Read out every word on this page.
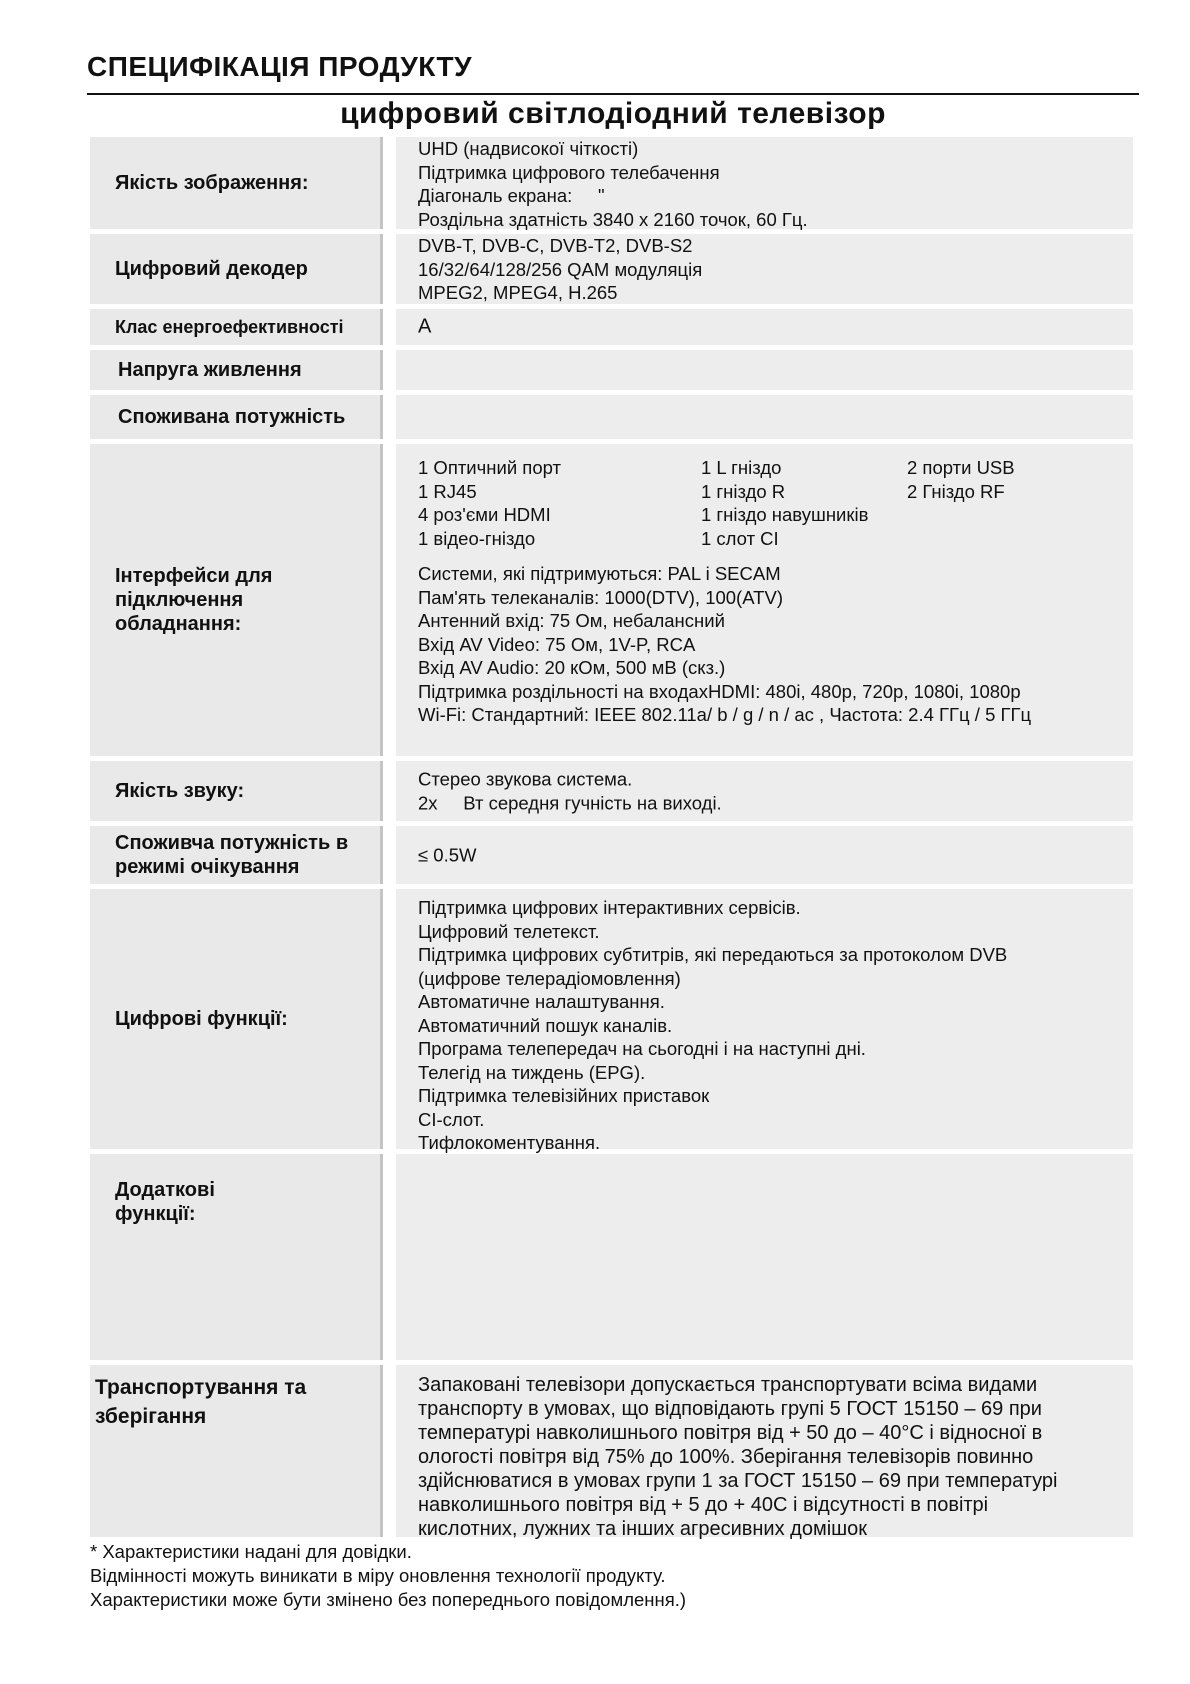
СПЕЦИФІКАЦІЯ ПРОДУКТУ
цифровий світлодіодний телевізор
Якість зображення:
UHD (надвисокої чіткості)
Підтримка цифрового телебачення
Діагональ екрана:     "
Роздільна здатність 3840 x 2160 точок, 60 Гц.
Цифровий декодер
DVB-T, DVB-C, DVB-T2, DVB-S2
16/32/64/128/256 QAM модуляція
MPEG2, MPEG4, H.265
Клас енергоефективності	A
Напруга живлення
Споживана потужність
Інтерфейси для підключення обладнання:
1 Оптичний порт
1 RJ45
4 роз'єми HDMI
1 відео-гніздо
1 L гніздо
1 гніздо R
1 гніздо навушників
1 слот CI
2 порти USB
2 Гніздо RF
Системи, які підтримуються: PAL і SECAM
Пам'ять телеканалів: 1000(DTV), 100(ATV)
Антенний вхід: 75 Ом, небалансний
Вхід AV Video: 75 Ом, 1V-P, RCA
Вхід AV Audio: 20 кОм, 500 мВ (скз.)
Підтримка роздільності на входахHDMI: 480i, 480p, 720p, 1080i, 1080p
Wi-Fi: Стандартний: IEEE 802.11a/ b / g / n / ac , Частота: 2.4 ГГц / 5 ГГц
Якість звуку:
Стерео звукова система.
2x     Вт середня гучність на виході.
Споживча потужність в режимі очікування
≤ 0.5W
Цифрові функції:
Підтримка цифрових інтерактивних сервісів.
Цифровий телетекст.
Підтримка цифрових субтитрів, які передаються за протоколом DVB
(цифрове телерадіомовлення)
Автоматичне налаштування.
Автоматичний пошук каналів.
Програма телепередач на сьогодні і на наступні дні.
Телегід на тиждень (EPG).
Підтримка телевізійних приставок
CI-слот.
Тифлокоментування.
Додаткові функції:
Транспортування та зберігання
Запаковані телевізори допускається транспортувати всіма видами
транспорту в умовах, що відповідають групі 5 ГОСТ 15150 – 69 при
температурі навколишнього повітря від + 50 до – 40°С і відносної в
ологості повітря від 75% до 100%. Зберігання телевізорів повинно
здійснюватися в умовах групи 1 за ГОСТ 15150 – 69 при температурі
навколишнього повітря від + 5 до + 40С і відсутності в повітрі
кислотних, лужних та інших агресивних домішок
* Характеристики надані для довідки.
Відмінності можуть виникати в міру оновлення технології продукту.
Характеристики може бути змінено без попереднього повідомлення.)
